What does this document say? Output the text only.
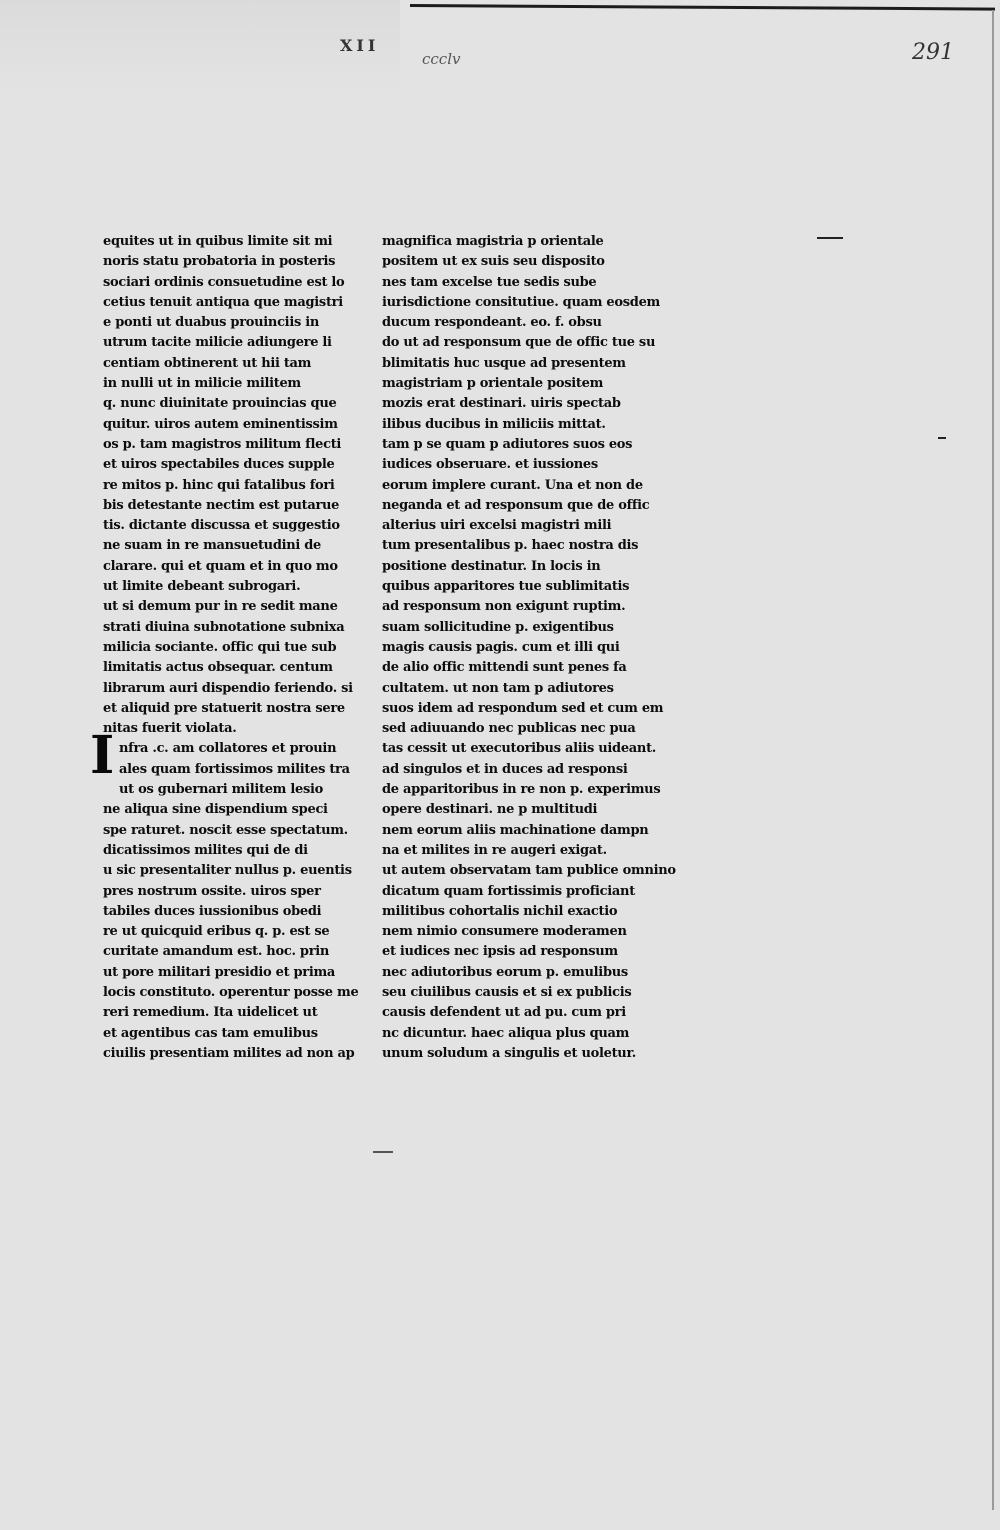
XII
ccclv	291
I
equites ut in quibus limite sit mi
noris statu probatoria in posteris
sociari ordinis consuetudine est lo
cetius tenuit antiqua que magistri
e ponti ut duabus prouinciis in
utrum tacite milicie adiungere li
centiam obtinerent ut hii tam
in nulli ut in milicie militem
q. nunc diuinitate prouincias que
quitur. uiros autem eminentissim
os p. tam magistros militum flecti
et uiros spectabiles duces supple
re mitos p. hinc qui fatalibus fori
bis detestante nectim est putarue
tis. dictante discussa et suggestio
ne suam in re mansuetudini de
clarare. qui et quam et in quo mo
ut limite debeant subrogari.
ut si demum pur in re sedit mane
strati diuina subnotatione subnixa
milicia sociante. offic qui tue sub
limitatis actus obsequar. centum
librarum auri dispendio feriendo. si
et aliquid pre statuerit nostra sere
nitas fuerit violata.
nfra .c. am collatores et prouin
ales quam fortissimos milites tra
ut os gubernari militem lesio
ne aliqua sine dispendium speci
spe raturet. noscit esse spectatum.
dicatissimos milites qui de di
u sic presentaliter nullus p. euentis
pres nostrum ossite. uiros sper
tabiles duces iussionibus obedi
re ut quicquid eribus q. p. est se
curitate amandum est. hoc. prin
ut pore militari presidio et prima
locis constituto. operentur posse me
reri remedium. Ita uidelicet ut
et agentibus cas tam emulibus
ciuilis presentiam milites ad non ap
magnifica magistria p orientale
positem ut ex suis seu disposito
nes tam excelse tue sedis sube
iurisdictione consitutiue. quam eosdem
ducum respondeant. eo. f. obsu
do ut ad responsum que de offic tue su
blimitatis huc usque ad presentem
magistriam p orientale positem
mozis erat destinari. uiris spectab
ilibus ducibus in miliciis mittat.
tam p se quam p adiutores suos eos
iudices obseruare. et iussiones
eorum implere curant. Una et non de
neganda et ad responsum que de offic
alterius uiri excelsi magistri mili
tum presentalibus p. haec nostra dis
positione destinatur. In locis in
quibus apparitores tue sublimitatis
ad responsum non exigunt ruptim.
suam sollicitudine p. exigentibus
magis causis pagis. cum et illi qui
de alio offic mittendi sunt penes fa
cultatem. ut non tam p adiutores
suos idem ad respondum sed et cum em
sed adiuuando nec publicas nec pua
tas cessit ut executoribus aliis uideant.
ad singulos et in duces ad responsi
de apparitoribus in re non p. experimus
opere destinari. ne p multitudi
nem eorum aliis machinatione dampn
na et milites in re augeri exigat.
ut autem observatam tam publice omnino
dicatum quam fortissimis proficiant
militibus cohortalis nichil exactio
nem nimio consumere moderamen
et iudices nec ipsis ad responsum
nec adiutoribus eorum p. emulibus
seu ciuilibus causis et si ex publicis
causis defendent ut ad pu. cum pri
nc dicuntur. haec aliqua plus quam
unum soludum a singulis et uoletur.
